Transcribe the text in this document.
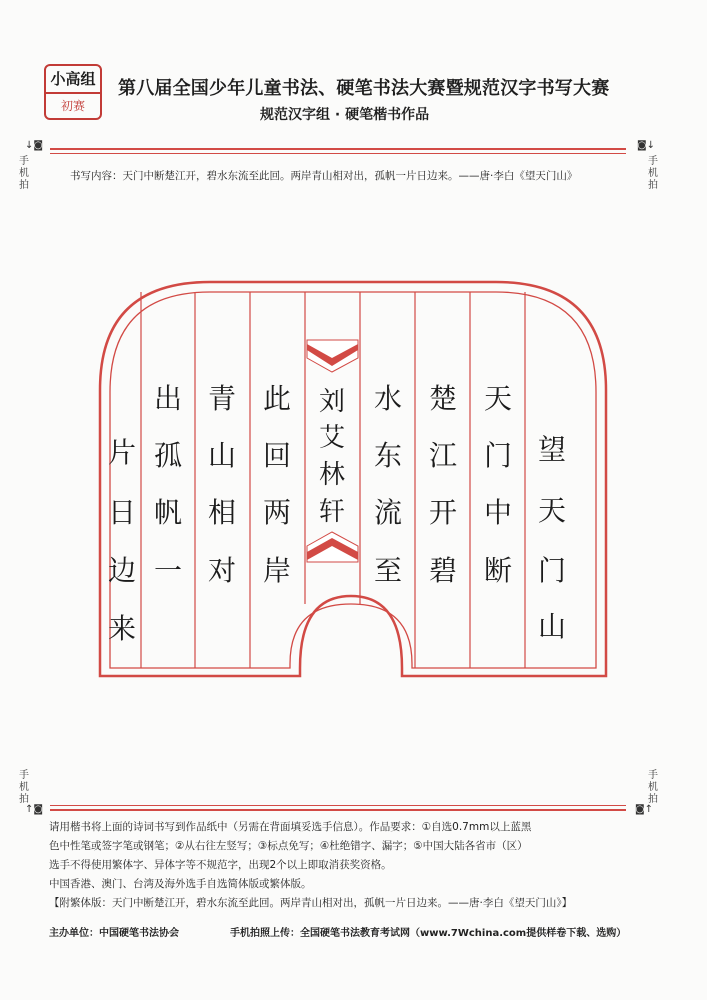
小高组
初赛
第八届全国少年儿童书法、硬笔书法大赛暨规范汉字书写大赛
规范汉字组 · 硬笔楷书作品
↓◙
手
机
拍
◙↓
手
机
拍
书写内容：天门中断楚江开，碧水东流至此回。两岸青山相对出，孤帆一片日边来。——唐·李白《望天门山》
望
天
门
山
天
门
中
断
楚
江
开
碧
水
东
流
至
刘
艾
林
轩
此
回
两
岸
青
山
相
对
出
孤
帆
一
片
日
边
来
手
机
拍
↑◙
手
机
拍
◙↑
请用楷书将上面的诗词书写到作品纸中（另需在背面填妥选手信息）。作品要求：①自选0.7mm以上蓝黑
色中性笔或签字笔或钢笔；②从右往左竖写；③标点免写；④杜绝错字、漏字；⑤中国大陆各省市（区）
选手不得使用繁体字、异体字等不规范字，出现2个以上即取消获奖资格。
中国香港、澳门、台湾及海外选手自选简体版或繁体版。
【附繁体版：天门中断楚江开，碧水东流至此回。两岸青山相对出，孤帆一片日边来。——唐·李白《望天门山》】
主办单位：中国硬笔书法协会	手机拍照上传：全国硬笔书法教育考试网（www.7Wchina.com提供样卷下载、选购）
